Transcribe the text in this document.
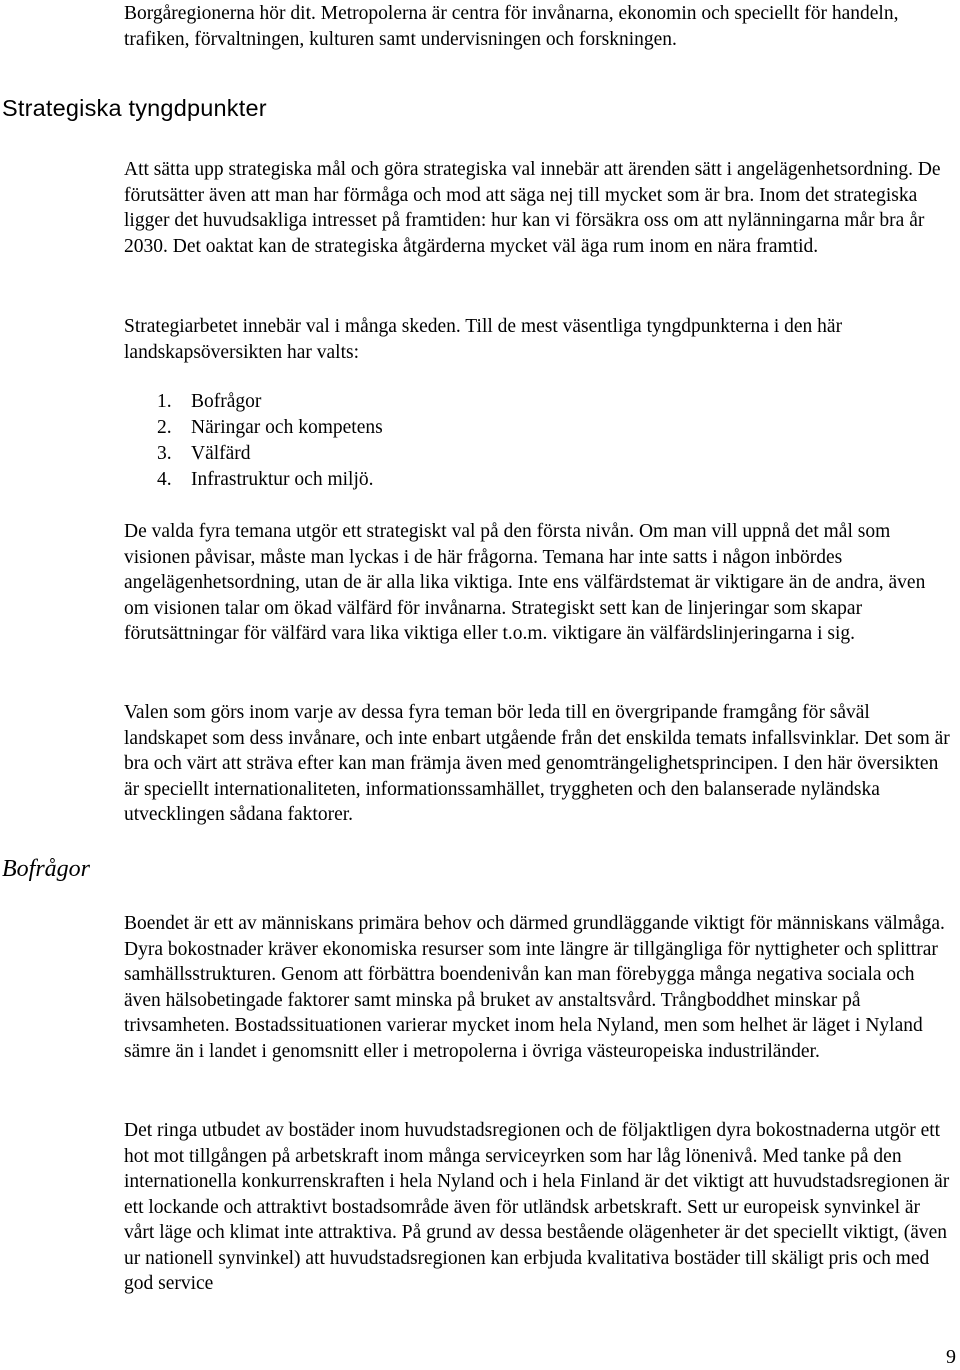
Borgåregionerna hör dit. Metropolerna är centra för invånarna, ekonomin och speciellt för handeln, trafiken, förvaltningen, kulturen samt undervisningen och forskningen.

Strategiska tyngdpunkter

Att sätta upp strategiska mål och göra strategiska val innebär att ärenden sätt i angelägenhetsordning. De förutsätter även att man har förmåga och mod att säga nej till mycket som är bra. Inom det strategiska ligger det huvudsakliga intresset på framtiden: hur kan vi försäkra oss om att nylänningarna mår bra år 2030. Det oaktat kan de strategiska åtgärderna mycket väl äga rum inom en nära framtid.

Strategiarbetet innebär val i många skeden. Till de mest väsentliga tyngdpunkterna i den här landskapsöversikten har valts:

1. Bofrågor
2. Näringar och kompetens
3. Välfärd
4. Infrastruktur och miljö.

De valda fyra temana utgör ett strategiskt val på den första nivån. Om man vill uppnå det mål som visionen påvisar, måste man lyckas i de här frågorna. Temana har inte satts i någon inbördes angelägenhetsordning, utan de är alla lika viktiga. Inte ens välfärdstemat är viktigare än de andra, även om visionen talar om ökad välfärd för invånarna. Strategiskt sett kan de linjeringar som skapar förutsättningar för välfärd vara lika viktiga eller t.o.m. viktigare än välfärdslinjeringarna i sig.

Valen som görs inom varje av dessa fyra teman bör leda till en övergripande framgång för såväl landskapet som dess invånare, och inte enbart utgående från det enskilda temats infallsvinklar. Det som är bra och värt att sträva efter kan man främja även med genomträngelighetsprincipen. I den här översikten är speciellt internationaliteten, informationssamhället, tryggheten och den balanserade nyländska utvecklingen sådana faktorer.

Bofrågor

Boendet är ett av människans primära behov och därmed grundläggande viktigt för människans välmåga. Dyra bokostnader kräver ekonomiska resurser som inte längre är tillgängliga för nyttigheter och splittrar samhällsstrukturen. Genom att förbättra boendenivån kan man förebygga många negativa sociala och även hälsobetingade faktorer samt minska på bruket av anstaltsvård. Trångboddhet minskar på trivsamheten. Bostadssituationen varierar mycket inom hela Nyland, men som helhet är läget i Nyland sämre än i landet i genomsnitt eller i metropolerna i övriga västeuropeiska industriländer.

Det ringa utbudet av bostäder inom huvudstadsregionen och de följaktligen dyra bokostnaderna utgör ett hot mot tillgången på arbetskraft inom många serviceyrken som har låg lönenivå. Med tanke på den internationella konkurrenskraften i hela Nyland och i hela Finland är det viktigt att huvudstadsregionen är ett lockande och attraktivt bostadsområde även för utländsk arbetskraft. Sett ur europeisk synvinkel är vårt läge och klimat inte attraktiva. På grund av dessa bestående olägenheter är det speciellt viktigt, (även ur nationell synvinkel) att huvudstadsregionen kan erbjuda kvalitativa bostäder till skäligt pris och med god service

9
